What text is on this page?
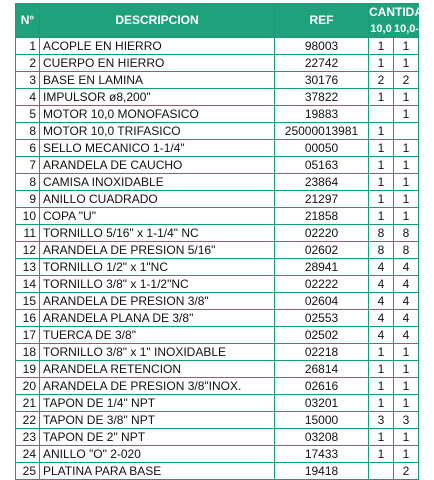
N°	DESCRIPCION	REF	CANTIDAD	
			10,0	10,0-1
1	ACOPLE EN HIERRO	98003	1	1
2	CUERPO EN HIERRO	22742	1	1
3	BASE EN LAMINA	30176	2	2
4	IMPULSOR ø8,200"	37822	1	1
5	MOTOR 10,0 MONOFASICO	19883		1
8	MOTOR 10,0 TRIFASICO	25000013981	1	
6	SELLO MECANICO 1-1/4"	00050	1	1
7	ARANDELA DE CAUCHO	05163	1	1
8	CAMISA INOXIDABLE	23864	1	1
9	ANILLO CUADRADO	21297	1	1
10	COPA "U"	21858	1	1
11	TORNILLO 5/16" x 1-1/4" NC	02220	8	8
12	ARANDELA DE PRESION 5/16"	02602	8	8
13	TORNILLO 1/2" x 1"NC	28941	4	4
14	TORNILLO 3/8" x 1-1/2"NC	02222	4	4
15	ARANDELA DE PRESION 3/8"	02604	4	4
16	ARANDELA PLANA DE 3/8"	02553	4	4
17	TUERCA DE 3/8"	02502	4	4
18	TORNILLO 3/8" x 1" INOXIDABLE	02218	1	1
19	ARANDELA RETENCION	26814	1	1
20	ARANDELA DE PRESION 3/8"INOX.	02616	1	1
21	TAPON DE 1/4" NPT	03201	1	1
22	TAPON DE 3/8" NPT	15000	3	3
23	TAPON DE 2" NPT	03208	1	1
24	ANILLO "O" 2-020	17433	1	1
25	PLATINA PARA BASE	19418		2
